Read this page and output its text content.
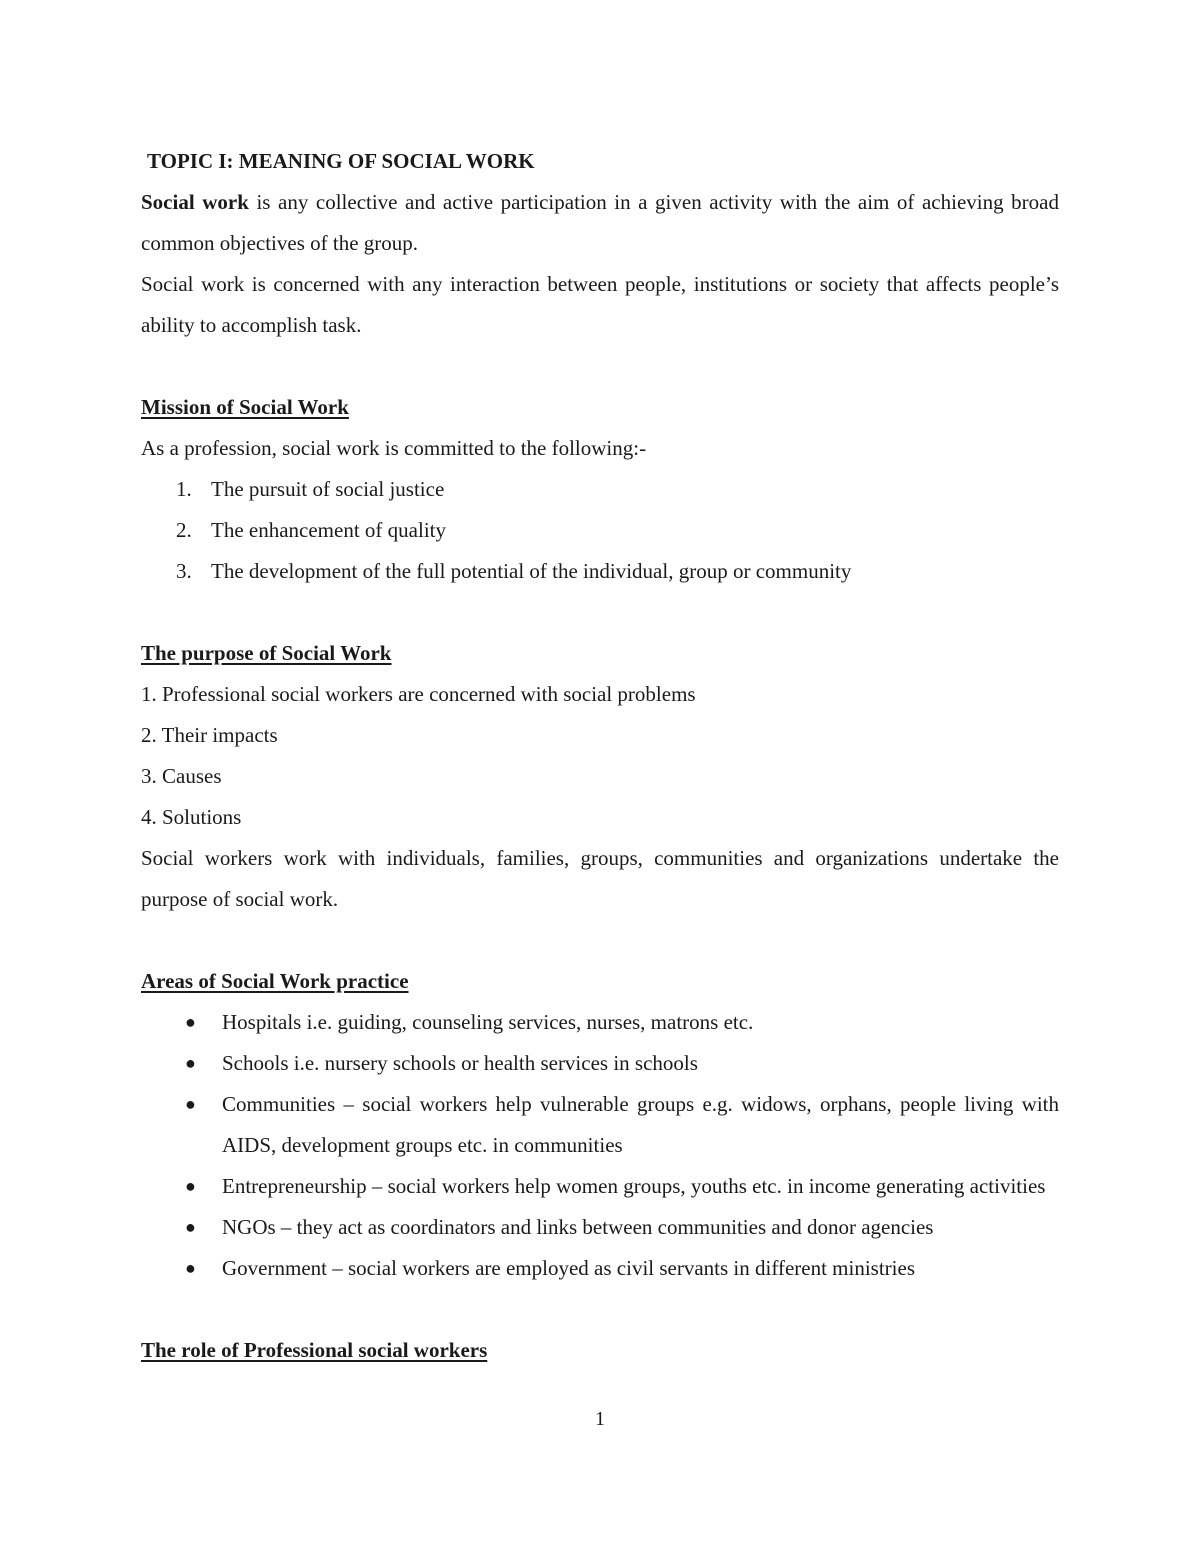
TOPIC I: MEANING OF SOCIAL WORK

Social work is any collective and active participation in a given activity with the aim of achieving broad common objectives of the group.

Social work is concerned with any interaction between people, institutions or society that affects people’s ability to accomplish task.

Mission of Social Work

As a profession, social work is committed to the following:-

1. The pursuit of social justice
2. The enhancement of quality
3. The development of the full potential of the individual, group or community

The purpose of Social Work

1. Professional social workers are concerned with social problems

2. Their impacts

3. Causes

4. Solutions

Social workers work with individuals, families, groups, communities and organizations undertake the purpose of social work.

Areas of Social Work practice

● Hospitals i.e. guiding, counseling services, nurses, matrons etc.
● Schools i.e. nursery schools or health services in schools
● Communities – social workers help vulnerable groups e.g. widows, orphans, people living with AIDS, development groups etc. in communities
● Entrepreneurship – social workers help women groups, youths etc. in income generating activities
● NGOs – they act as coordinators and links between communities and donor agencies
● Government – social workers are employed as civil servants in different ministries

The role of Professional social workers

1
